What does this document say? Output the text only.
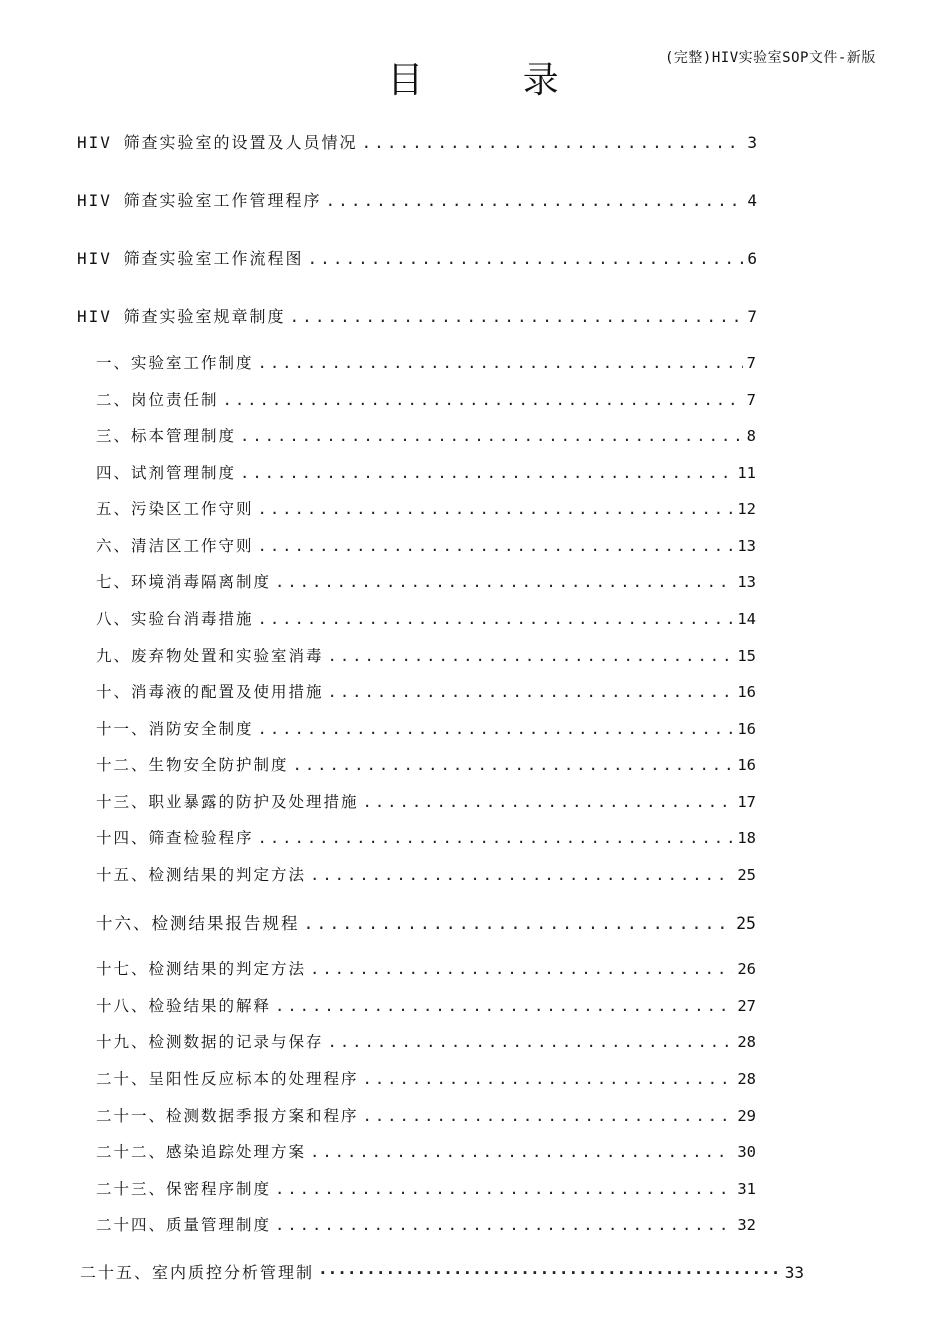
(完整)HIV实验室SOP文件-新版
目 录
HIV 筛查实验室的设置及人员情况 .....	3
HIV 筛查实验室工作管理程序 .....	4
HIV 筛查实验室工作流程图 .....	6
HIV 筛查实验室规章制度 .....	7
一、实验室工作制度 .....	7
二、岗位责任制 .....	7
三、标本管理制度 .....	8
四、试剂管理制度 .....	11
五、污染区工作守则 .....	12
六、清洁区工作守则 .....	13
七、环境消毒隔离制度 .....	13
八、实验台消毒措施 .....	14
九、废弃物处置和实验室消毒 .....	15
十、消毒液的配置及使用措施 .....	16
十一、消防安全制度 .....	16
十二、生物安全防护制度 .....	16
十三、职业暴露的防护及处理措施 .....	17
十四、筛查检验程序 .....	18
十五、检测结果的判定方法 .....	25
十六、检测结果报告规程 .....	25
十七、检测结果的判定方法 .....	26
十八、检验结果的解释 .....	27
十九、检测数据的记录与保存 .....	28
二十、呈阳性反应标本的处理程序 .....	28
二十一、检测数据季报方案和程序 .....	29
二十二、感染追踪处理方案 .....	30
二十三、保密程序制度 .....	31
二十四、质量管理制度 .....	32
二十五、室内质控分析管理制 ·····	33
